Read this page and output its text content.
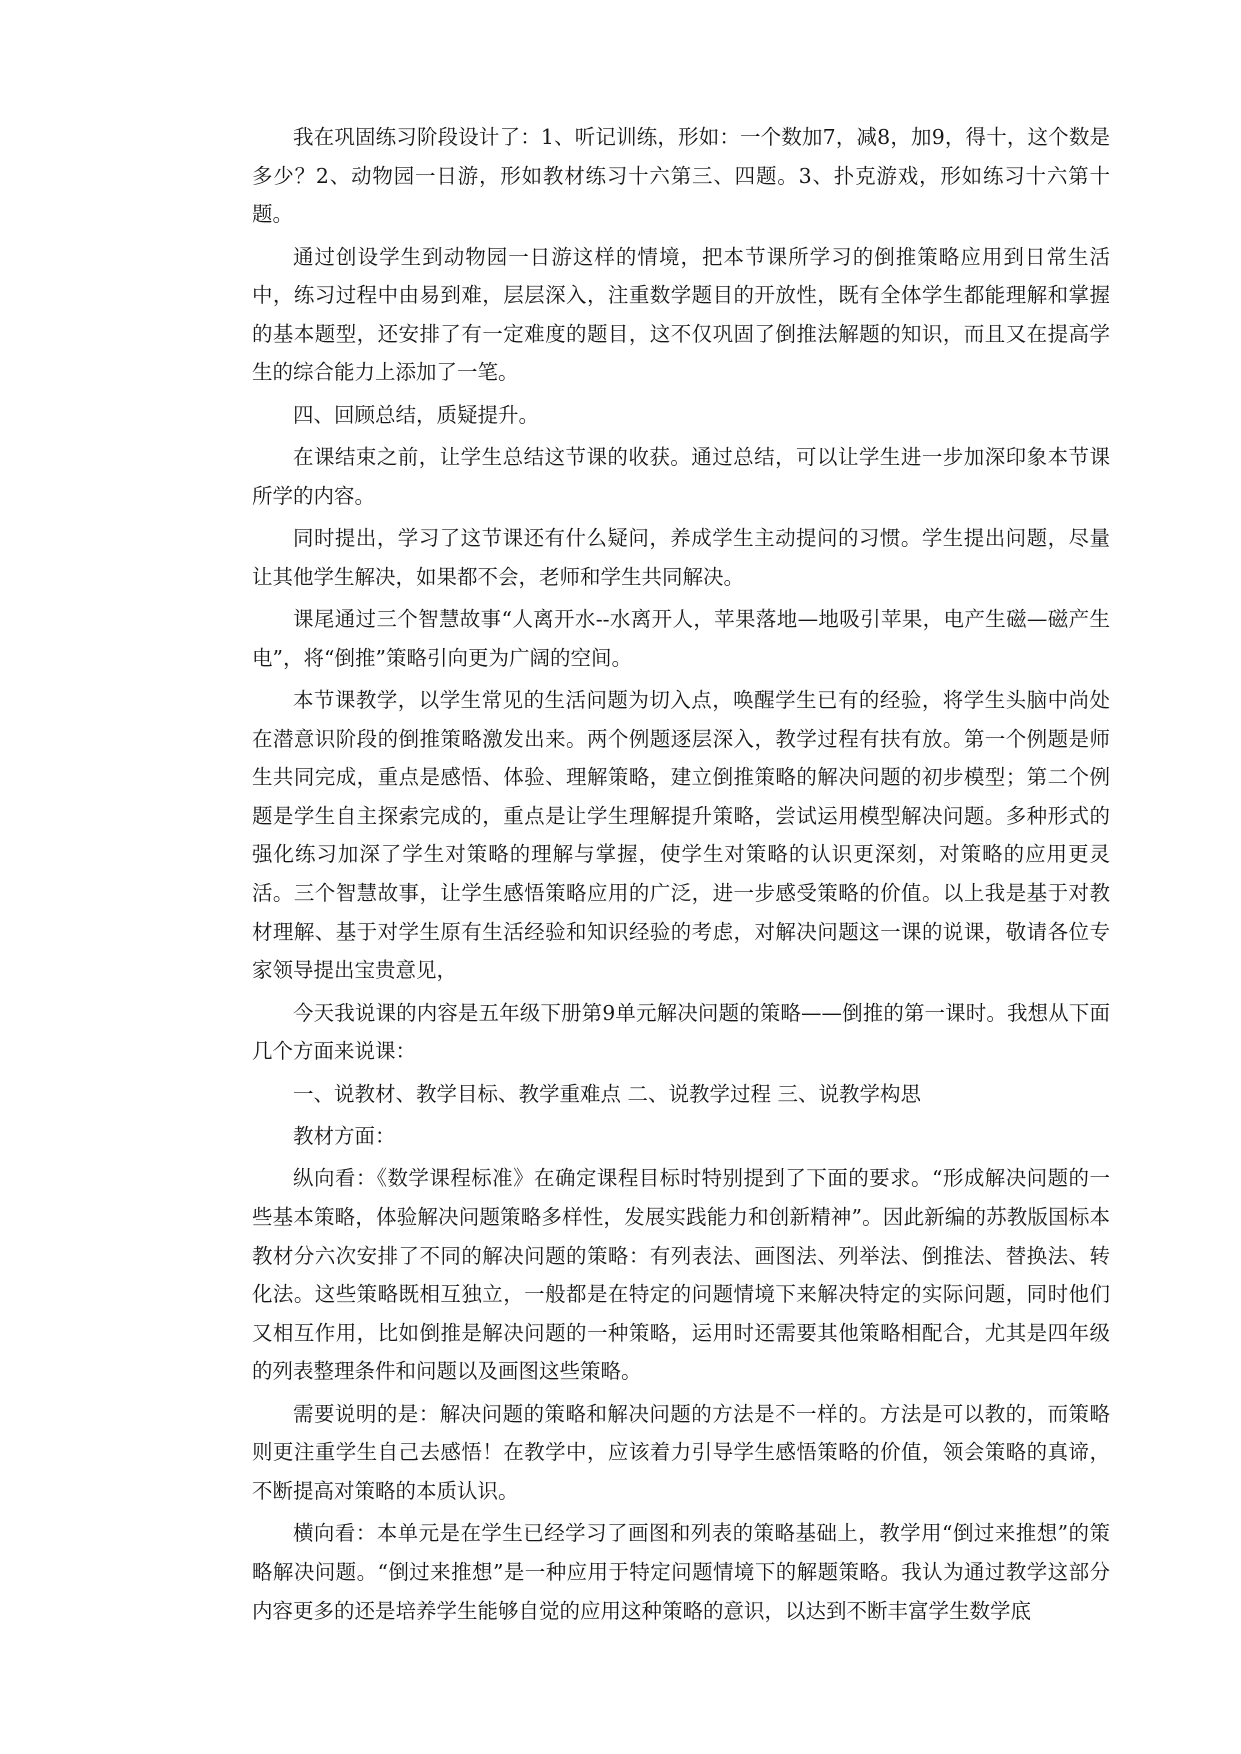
我在巩固练习阶段设计了：1、听记训练，形如：一个数加7，减8，加9，得十，这个数是多少？2、动物园一日游，形如教材练习十六第三、四题。3、扑克游戏，形如练习十六第十题。

通过创设学生到动物园一日游这样的情境，把本节课所学习的倒推策略应用到日常生活中，练习过程中由易到难，层层深入，注重数学题目的开放性，既有全体学生都能理解和掌握的基本题型，还安排了有一定难度的题目，这不仅巩固了倒推法解题的知识，而且又在提高学生的综合能力上添加了一笔。

四、回顾总结，质疑提升。

在课结束之前，让学生总结这节课的收获。通过总结，可以让学生进一步加深印象本节课所学的内容。

同时提出，学习了这节课还有什么疑问，养成学生主动提问的习惯。学生提出问题，尽量让其他学生解决，如果都不会，老师和学生共同解决。

课尾通过三个智慧故事“人离开水--水离开人，苹果落地—地吸引苹果，电产生磁—磁产生电”，将“倒推”策略引向更为广阔的空间。

本节课教学，以学生常见的生活问题为切入点，唤醒学生已有的经验，将学生头脑中尚处在潜意识阶段的倒推策略激发出来。两个例题逐层深入，教学过程有扶有放。第一个例题是师生共同完成，重点是感悟、体验、理解策略，建立倒推策略的解决问题的初步模型；第二个例题是学生自主探索完成的，重点是让学生理解提升策略，尝试运用模型解决问题。多种形式的强化练习加深了学生对策略的理解与掌握，使学生对策略的认识更深刻，对策略的应用更灵活。三个智慧故事，让学生感悟策略应用的广泛，进一步感受策略的价值。以上我是基于对教材理解、基于对学生原有生活经验和知识经验的考虑，对解决问题这一课的说课，敬请各位专家领导提出宝贵意见，

今天我说课的内容是五年级下册第9单元解决问题的策略——倒推的第一课时。我想从下面几个方面来说课：

一、说教材、教学目标、教学重难点 二、说教学过程 三、说教学构思

教材方面：

纵向看：《数学课程标准》在确定课程目标时特别提到了下面的要求。“形成解决问题的一些基本策略，体验解决问题策略多样性，发展实践能力和创新精神”。因此新编的苏教版国标本教材分六次安排了不同的解决问题的策略：有列表法、画图法、列举法、倒推法、替换法、转化法。这些策略既相互独立，一般都是在特定的问题情境下来解决特定的实际问题，同时他们又相互作用，比如倒推是解决问题的一种策略，运用时还需要其他策略相配合，尤其是四年级的列表整理条件和问题以及画图这些策略。

需要说明的是：解决问题的策略和解决问题的方法是不一样的。方法是可以教的，而策略则更注重学生自己去感悟！在教学中，应该着力引导学生感悟策略的价值，领会策略的真谛，不断提高对策略的本质认识。

横向看：本单元是在学生已经学习了画图和列表的策略基础上，教学用“倒过来推想”的策略解决问题。“倒过来推想”是一种应用于特定问题情境下的解题策略。我认为通过教学这部分内容更多的还是培养学生能够自觉的应用这种策略的意识，以达到不断丰富学生数学底
